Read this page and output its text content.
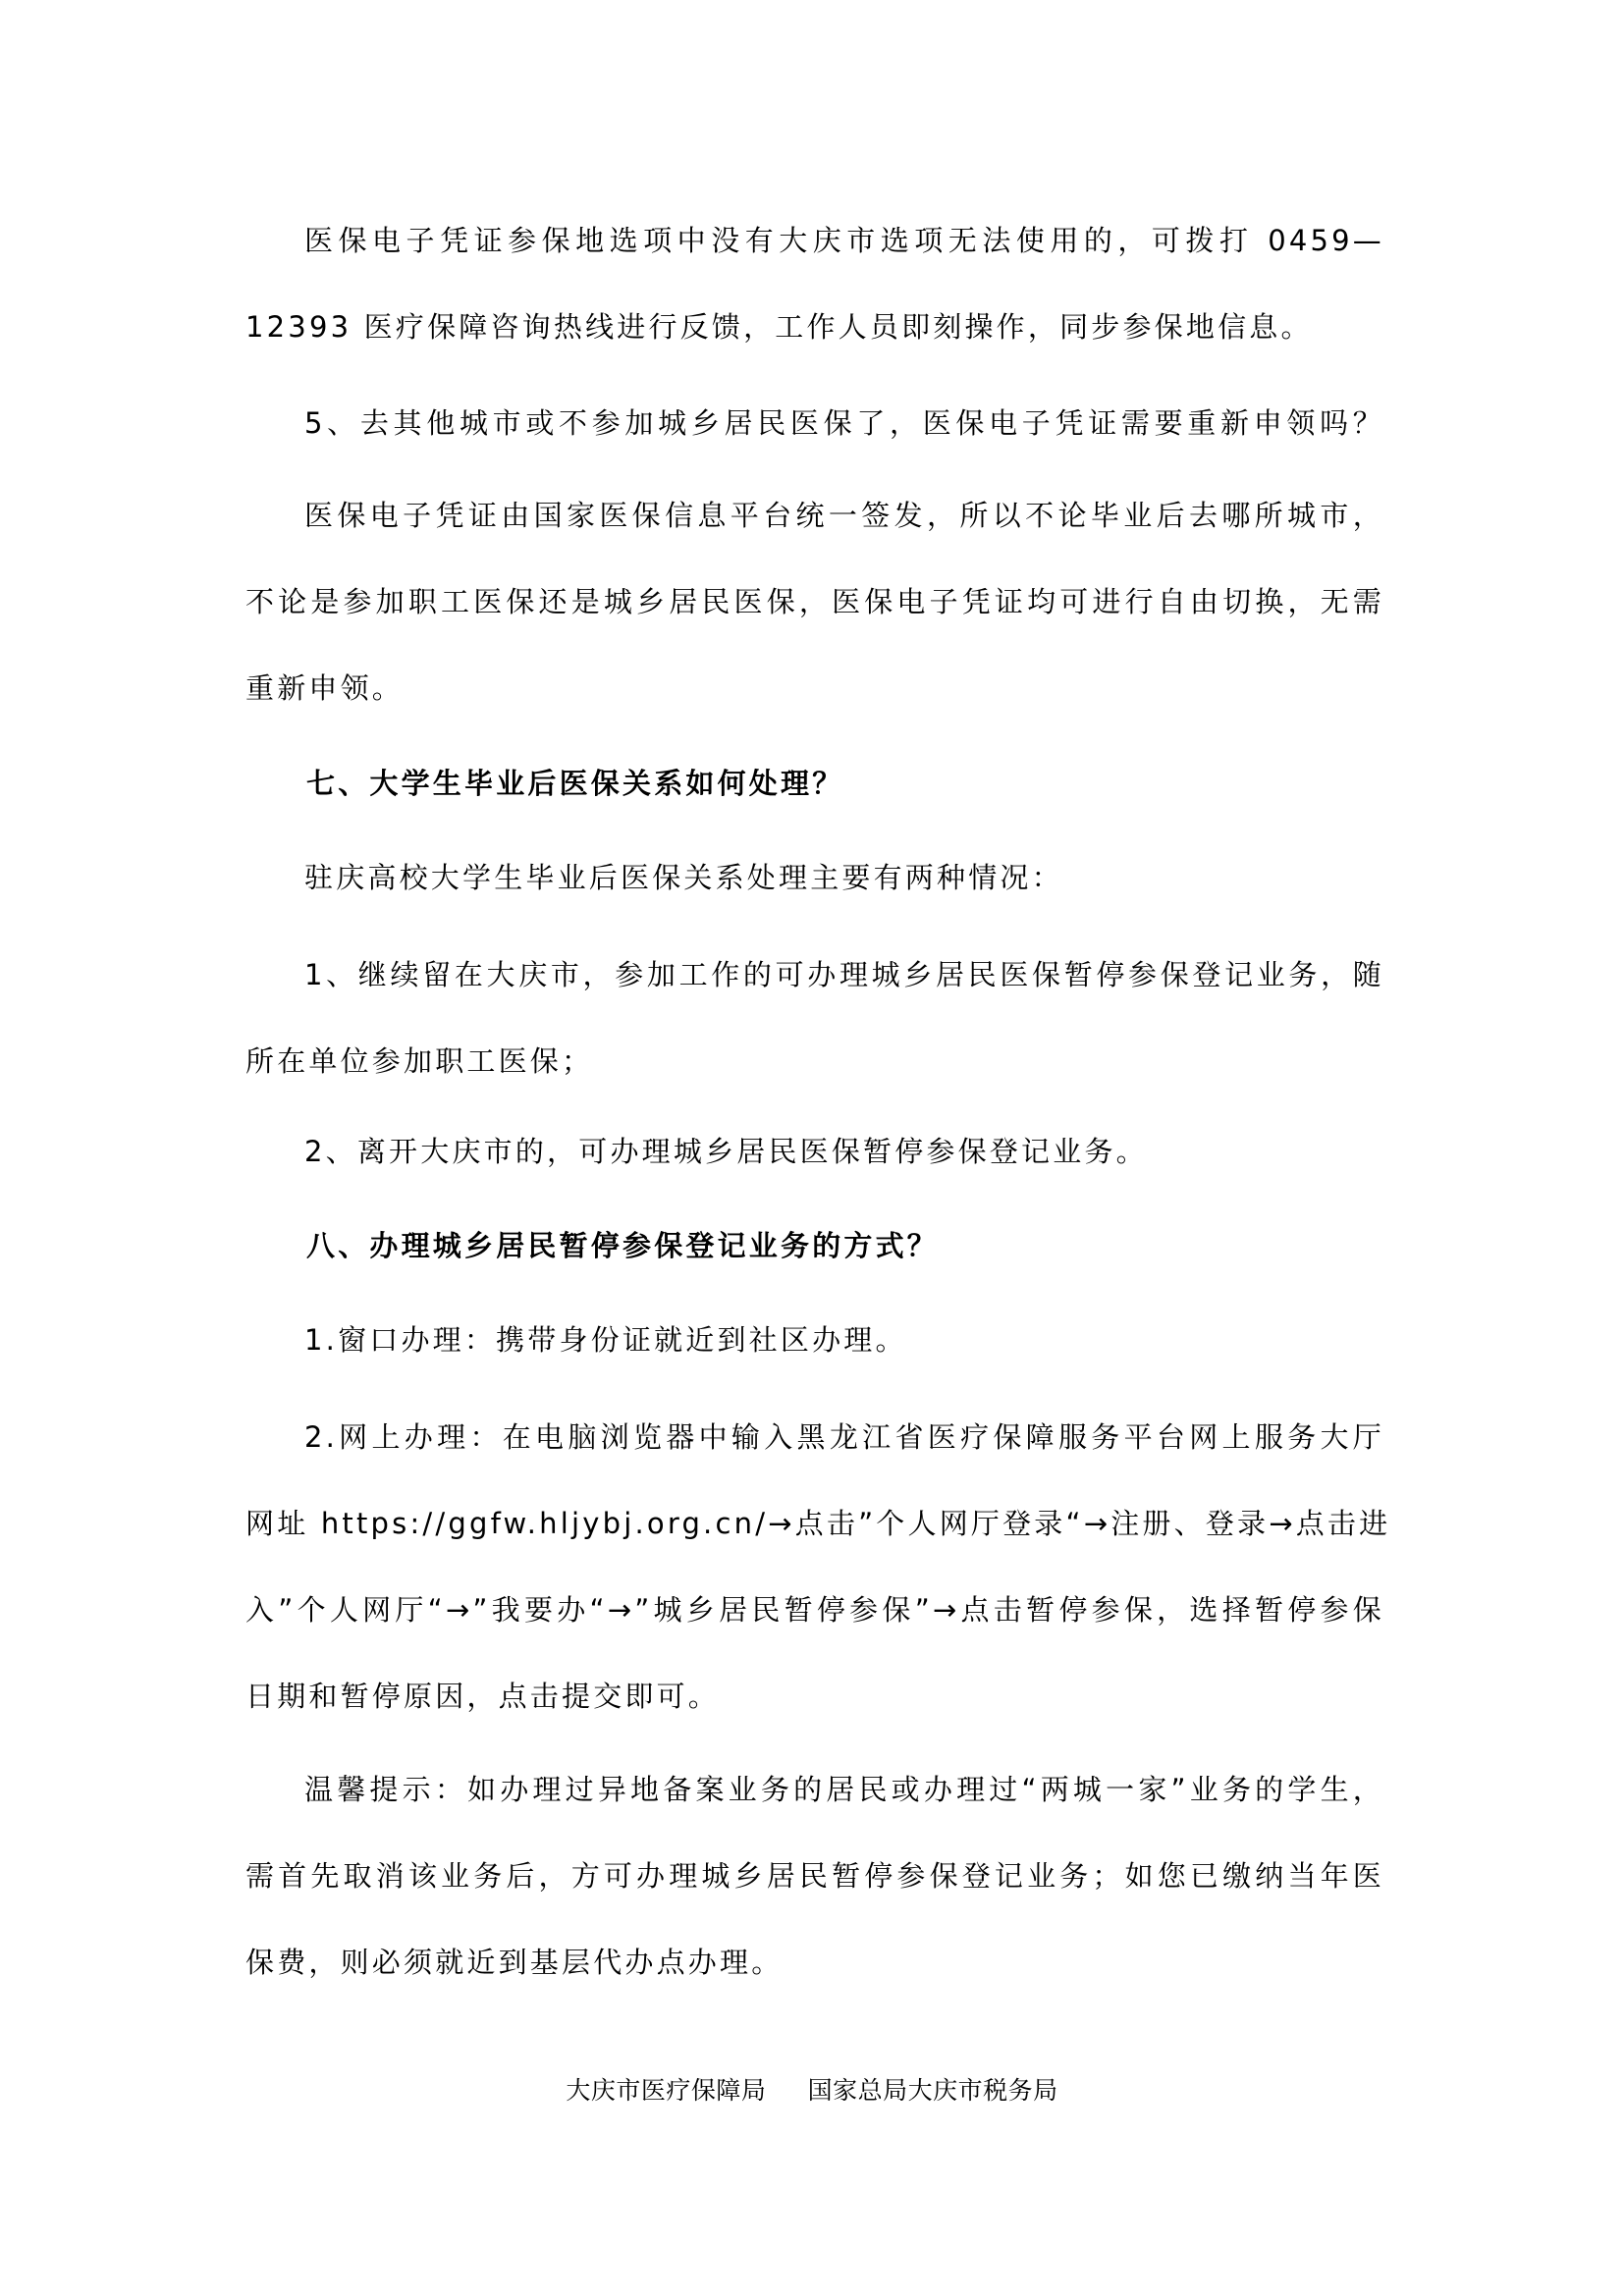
医保电子凭证参保地选项中没有大庆市选项无法使用的，可拨打 0459—
12393 医疗保障咨询热线进行反馈，工作人员即刻操作，同步参保地信息。
5、去其他城市或不参加城乡居民医保了，医保电子凭证需要重新申领吗？
医保电子凭证由国家医保信息平台统一签发，所以不论毕业后去哪所城市，
不论是参加职工医保还是城乡居民医保，医保电子凭证均可进行自由切换，无需
重新申领。
七、大学生毕业后医保关系如何处理？
驻庆高校大学生毕业后医保关系处理主要有两种情况：
1、继续留在大庆市，参加工作的可办理城乡居民医保暂停参保登记业务，随
所在单位参加职工医保；
2、离开大庆市的，可办理城乡居民医保暂停参保登记业务。
八、办理城乡居民暂停参保登记业务的方式？
1.窗口办理：携带身份证就近到社区办理。
2.网上办理：在电脑浏览器中输入黑龙江省医疗保障服务平台网上服务大厅
网址 https://ggfw.hljybj.org.cn/→点击”个人网厅登录“→注册、登录→点击进
入”个人网厅“→”我要办“→”城乡居民暂停参保”→点击暂停参保，选择暂停参保
日期和暂停原因，点击提交即可。
温馨提示：如办理过异地备案业务的居民或办理过“两城一家”业务的学生，
需首先取消该业务后，方可办理城乡居民暂停参保登记业务；如您已缴纳当年医
保费，则必须就近到基层代办点办理。
大庆市医疗保障局     国家总局大庆市税务局
